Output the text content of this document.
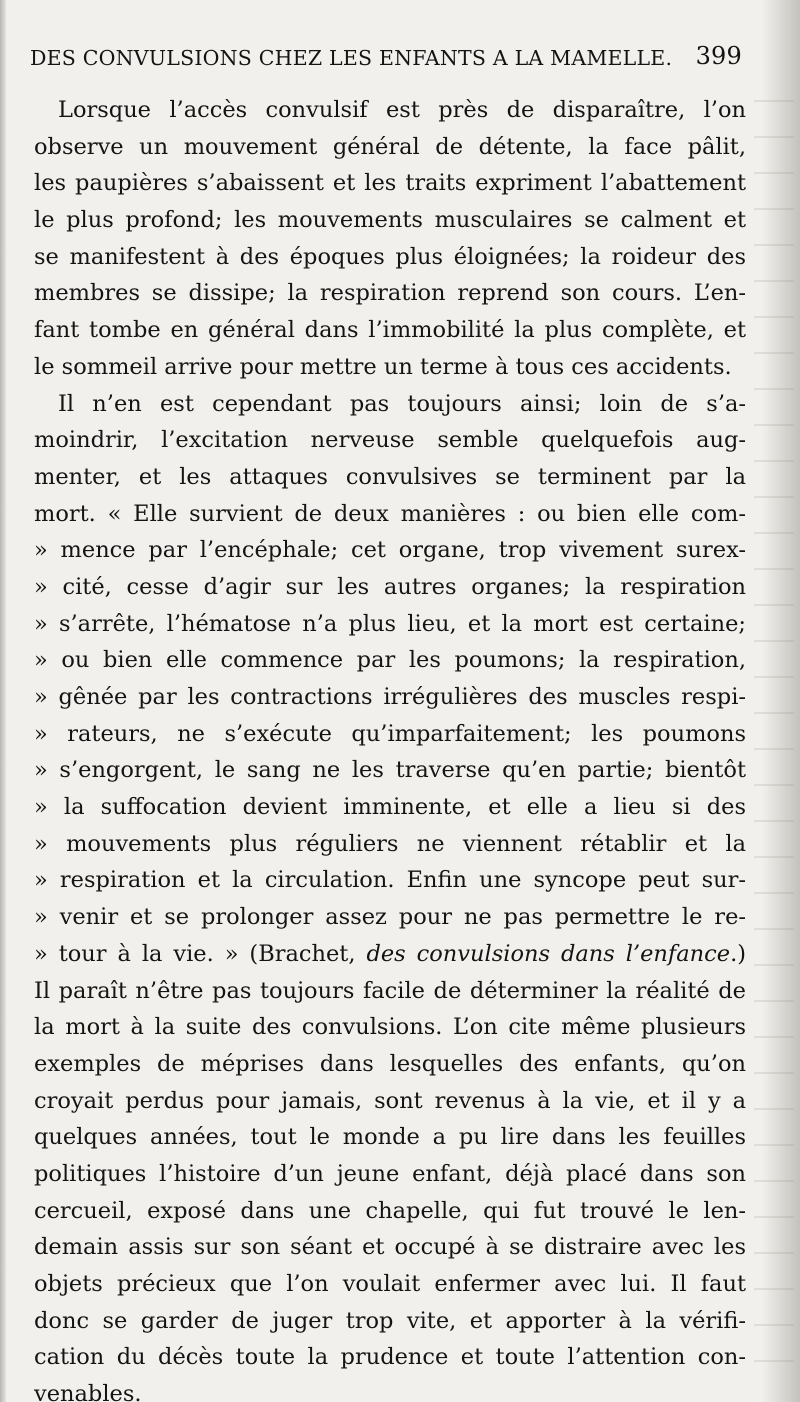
DES CONVULSIONS CHEZ LES ENFANTS A LA MAMELLE. 399
Lorsque l’accès convulsif est près de disparaître, l’on
observe un mouvement général de détente, la face pâlit,
les paupières s’abaissent et les traits expriment l’abattement
le plus profond; les mouvements musculaires se calment et
se manifestent à des époques plus éloignées; la roideur des
membres se dissipe; la respiration reprend son cours. L’en-
fant tombe en général dans l’immobilité la plus complète, et
le sommeil arrive pour mettre un terme à tous ces accidents.
Il n’en est cependant pas toujours ainsi; loin de s’a-
moindrir, l’excitation nerveuse semble quelquefois aug-
menter, et les attaques convulsives se terminent par la
mort. « Elle survient de deux manières : ou bien elle com-
» mence par l’encéphale; cet organe, trop vivement surex-
» cité, cesse d’agir sur les autres organes; la respiration
» s’arrête, l’hématose n’a plus lieu, et la mort est certaine;
» ou bien elle commence par les poumons; la respiration,
» gênée par les contractions irrégulières des muscles respi-
» rateurs, ne s’exécute qu’imparfaitement; les poumons
» s’engorgent, le sang ne les traverse qu’en partie; bientôt
» la suffocation devient imminente, et elle a lieu si des
» mouvements plus réguliers ne viennent rétablir et la
» respiration et la circulation. Enfin une syncope peut sur-
» venir et se prolonger assez pour ne pas permettre le re-
» tour à la vie. » (Brachet, des convulsions dans l’enfance.)
Il paraît n’être pas toujours facile de déterminer la réalité de
la mort à la suite des convulsions. L’on cite même plusieurs
exemples de méprises dans lesquelles des enfants, qu’on
croyait perdus pour jamais, sont revenus à la vie, et il y a
quelques années, tout le monde a pu lire dans les feuilles
politiques l’histoire d’un jeune enfant, déjà placé dans son
cercueil, exposé dans une chapelle, qui fut trouvé le len-
demain assis sur son séant et occupé à se distraire avec les
objets précieux que l’on voulait enfermer avec lui. Il faut
donc se garder de juger trop vite, et apporter à la vérifi-
cation du décès toute la prudence et toute l’attention con-
venables.
